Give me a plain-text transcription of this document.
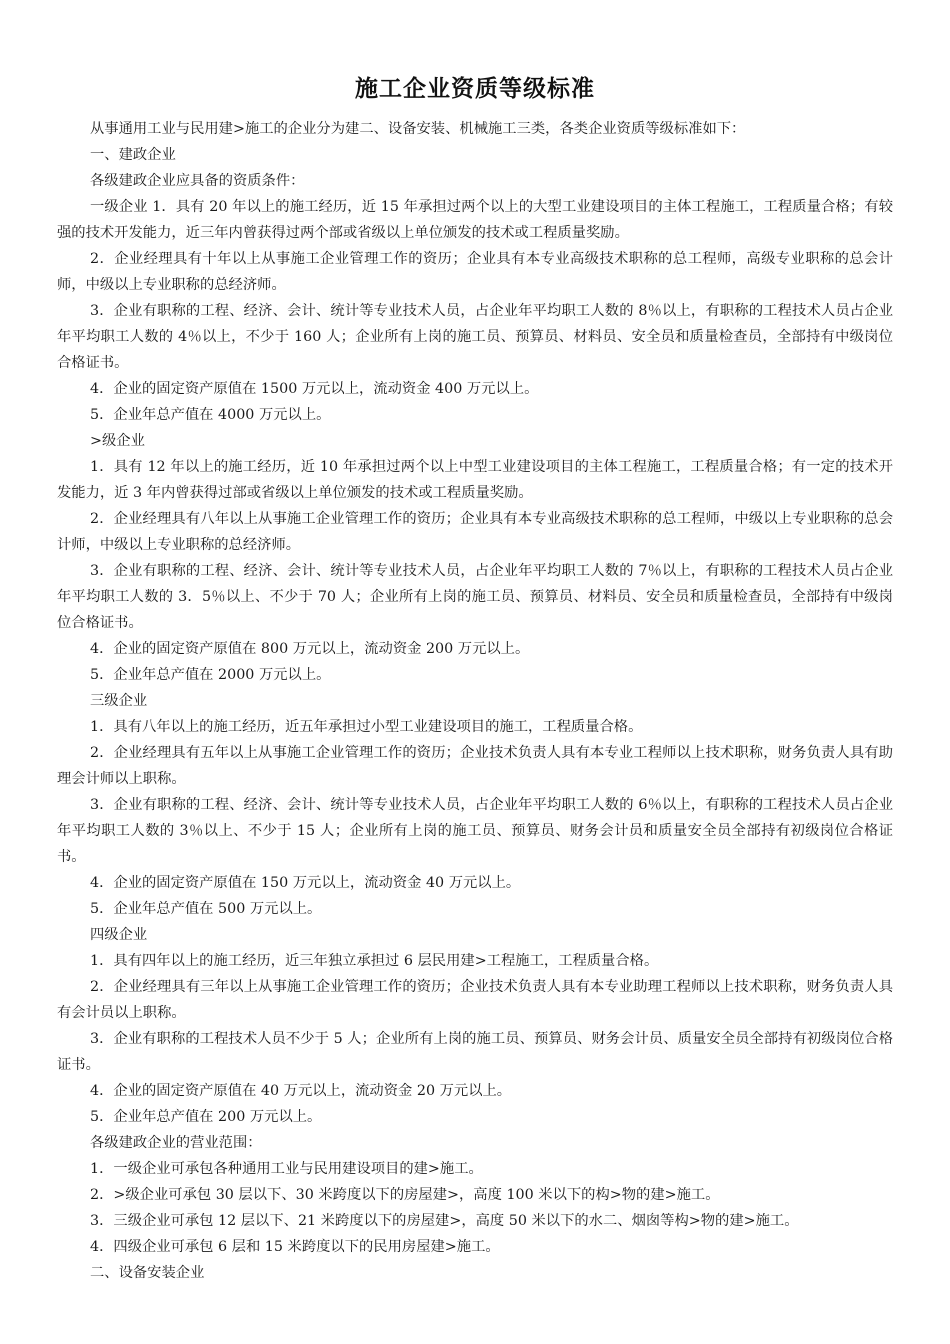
施工企业资质等级标准

从事通用工业与民用建>施工的企业分为建二、设备安装、机械施工三类，各类企业资质等级标准如下：

一、建政企业

各级建政企业应具备的资质条件：

一级企业 1．具有 20 年以上的施工经历，近 15 年承担过两个以上的大型工业建设项目的主体工程施工，工程质量合格；有较强的技术开发能力，近三年内曾获得过两个部或省级以上单位颁发的技术或工程质量奖励。

2．企业经理具有十年以上从事施工企业管理工作的资历；企业具有本专业高级技术职称的总工程师，高级专业职称的总会计师，中级以上专业职称的总经济师。

3．企业有职称的工程、经济、会计、统计等专业技术人员，占企业年平均职工人数的 8％以上，有职称的工程技术人员占企业年平均职工人数的 4％以上，不少于 160 人；企业所有上岗的施工员、预算员、材料员、安全员和质量检查员，全部持有中级岗位合格证书。

4．企业的固定资产原值在 1500 万元以上，流动资金 400 万元以上。

5．企业年总产值在 4000 万元以上。

>级企业

1．具有 12 年以上的施工经历，近 10 年承担过两个以上中型工业建设项目的主体工程施工，工程质量合格；有一定的技术开发能力，近 3 年内曾获得过部或省级以上单位颁发的技术或工程质量奖励。

2．企业经理具有八年以上从事施工企业管理工作的资历；企业具有本专业高级技术职称的总工程师，中级以上专业职称的总会计师，中级以上专业职称的总经济师。

3．企业有职称的工程、经济、会计、统计等专业技术人员，占企业年平均职工人数的 7％以上，有职称的工程技术人员占企业年平均职工人数的 3．5％以上、不少于 70 人；企业所有上岗的施工员、预算员、材料员、安全员和质量检查员，全部持有中级岗位合格证书。

4．企业的固定资产原值在 800 万元以上，流动资金 200 万元以上。

5．企业年总产值在 2000 万元以上。

三级企业

1．具有八年以上的施工经历，近五年承担过小型工业建设项目的施工，工程质量合格。

2．企业经理具有五年以上从事施工企业管理工作的资历；企业技术负责人具有本专业工程师以上技术职称，财务负责人具有助理会计师以上职称。

3．企业有职称的工程、经济、会计、统计等专业技术人员，占企业年平均职工人数的 6％以上，有职称的工程技术人员占企业年平均职工人数的 3％以上、不少于 15 人；企业所有上岗的施工员、预算员、财务会计员和质量安全员全部持有初级岗位合格证书。

4．企业的固定资产原值在 150 万元以上，流动资金 40 万元以上。

5．企业年总产值在 500 万元以上。

四级企业

1．具有四年以上的施工经历，近三年独立承担过 6 层民用建>工程施工，工程质量合格。

2．企业经理具有三年以上从事施工企业管理工作的资历；企业技术负责人具有本专业助理工程师以上技术职称，财务负责人具有会计员以上职称。

3．企业有职称的工程技术人员不少于 5 人；企业所有上岗的施工员、预算员、财务会计员、质量安全员全部持有初级岗位合格证书。

4．企业的固定资产原值在 40 万元以上，流动资金 20 万元以上。

5．企业年总产值在 200 万元以上。

各级建政企业的营业范围：

1．一级企业可承包各种通用工业与民用建设项目的建>施工。

2．>级企业可承包 30 层以下、30 米跨度以下的房屋建>，高度 100 米以下的构>物的建>施工。

3．三级企业可承包 12 层以下、21 米跨度以下的房屋建>，高度 50 米以下的水二、烟囱等构>物的建>施工。

4．四级企业可承包 6 层和 15 米跨度以下的民用房屋建>施工。

二、设备安装企业
